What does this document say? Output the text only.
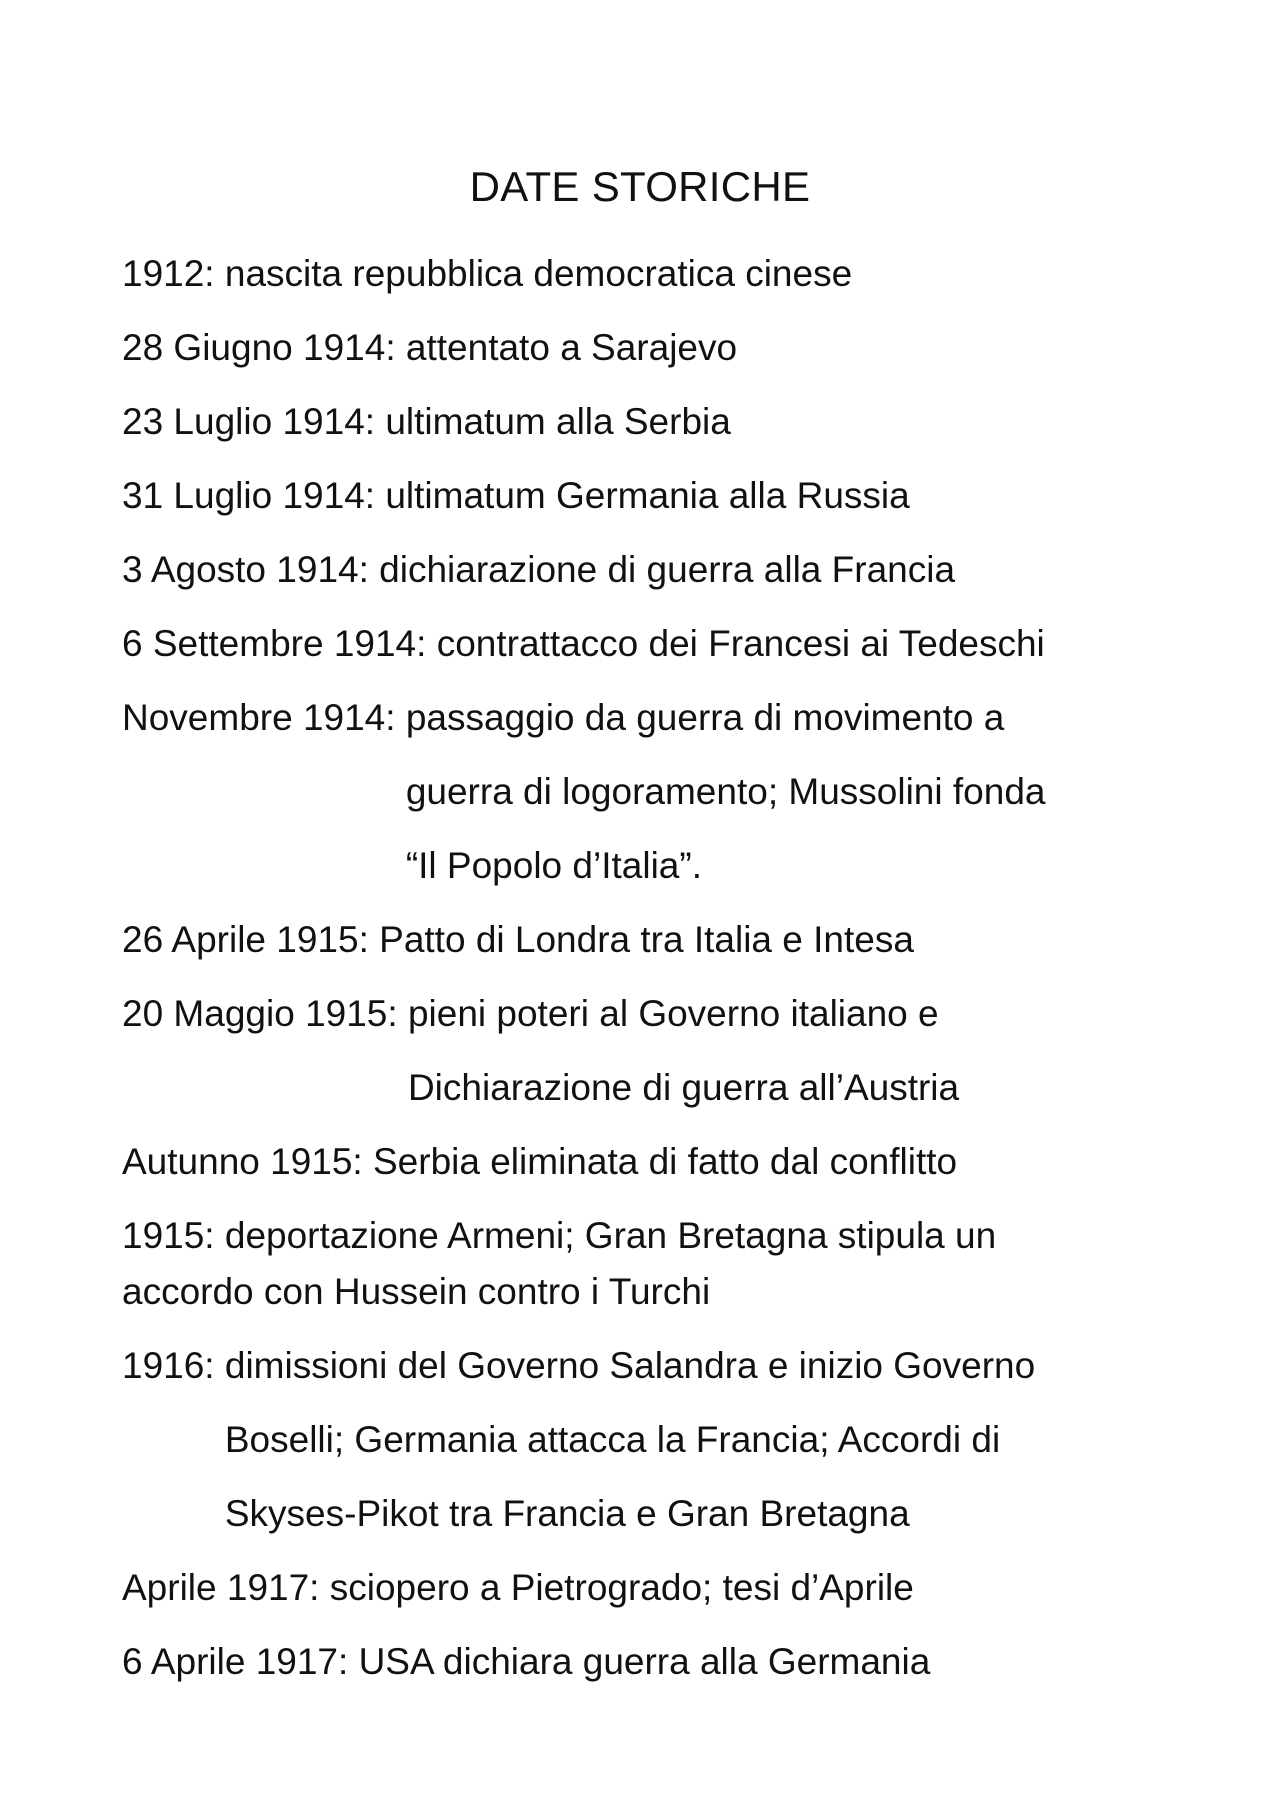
DATE STORICHE

1912: nascita repubblica democratica cinese

28 Giugno 1914: attentato a Sarajevo

23 Luglio 1914: ultimatum alla Serbia

31 Luglio 1914: ultimatum Germania alla Russia

3 Agosto 1914: dichiarazione di guerra alla Francia

6 Settembre 1914: contrattacco dei Francesi ai Tedeschi

Novembre 1914:
passaggio da guerra di movimento a
guerra di logoramento; Mussolini fonda
“Il Popolo d’Italia”.

26 Aprile 1915: Patto di Londra tra Italia e Intesa

20 Maggio 1915:
pieni poteri al Governo italiano e
Dichiarazione di guerra all’Austria

Autunno 1915: Serbia eliminata di fatto dal conflitto

1915: deportazione Armeni; Gran Bretagna stipula un
accordo con Hussein contro i Turchi
1916:
dimissioni del Governo Salandra e inizio Governo
Boselli; Germania attacca la Francia; Accordi di
Skyses-Pikot tra Francia e Gran Bretagna

Aprile 1917: sciopero a Pietrogrado; tesi d’Aprile

6 Aprile 1917: USA dichiara guerra alla Germania
